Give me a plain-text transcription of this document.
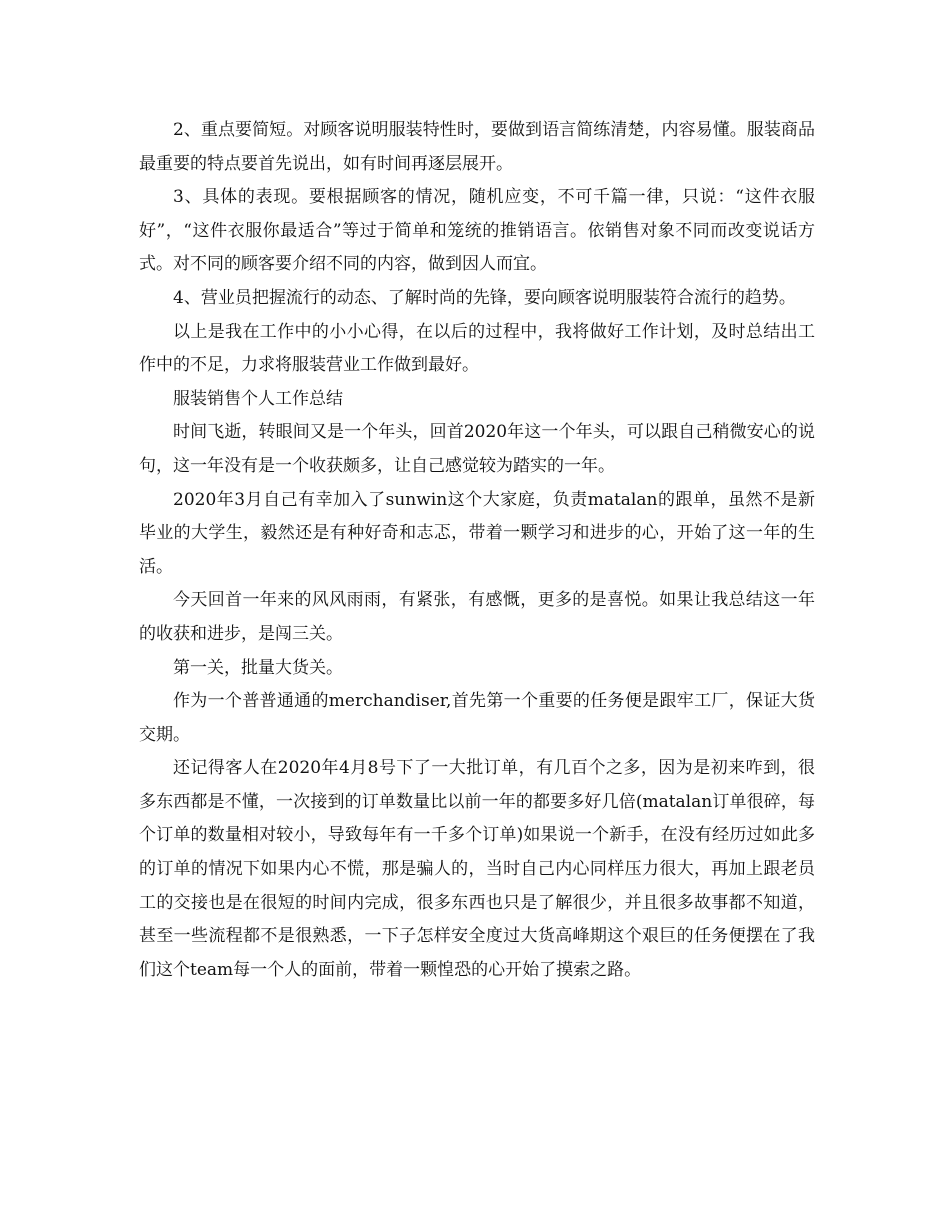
2、重点要简短。对顾客说明服装特性时，要做到语言简练清楚，内容易懂。服装商品最重要的特点要首先说出，如有时间再逐层展开。

3、具体的表现。要根据顾客的情况，随机应变，不可千篇一律，只说：“这件衣服好”，“这件衣服你最适合”等过于简单和笼统的推销语言。依销售对象不同而改变说话方式。对不同的顾客要介绍不同的内容，做到因人而宜。

4、营业员把握流行的动态、了解时尚的先锋，要向顾客说明服装符合流行的趋势。

以上是我在工作中的小小心得，在以后的过程中，我将做好工作计划，及时总结出工作中的不足，力求将服装营业工作做到最好。

服装销售个人工作总结

时间飞逝，转眼间又是一个年头，回首2020年这一个年头，可以跟自己稍微安心的说句，这一年没有是一个收获颇多，让自己感觉较为踏实的一年。

2020年3月自己有幸加入了sunwin这个大家庭，负责matalan的跟单，虽然不是新毕业的大学生，毅然还是有种好奇和志忑，带着一颗学习和进步的心，开始了这一年的生活。

今天回首一年来的风风雨雨，有紧张，有感慨，更多的是喜悦。如果让我总结这一年的收获和进步，是闯三关。

第一关，批量大货关。

作为一个普普通通的merchandiser,首先第一个重要的任务便是跟牢工厂，保证大货交期。

还记得客人在2020年4月8号下了一大批订单，有几百个之多，因为是初来咋到，很多东西都是不懂，一次接到的订单数量比以前一年的都要多好几倍(matalan订单很碎，每个订单的数量相对较小，导致每年有一千多个订单)如果说一个新手，在没有经历过如此多的订单的情况下如果内心不慌，那是骗人的，当时自己内心同样压力很大，再加上跟老员工的交接也是在很短的时间内完成，很多东西也只是了解很少，并且很多故事都不知道，甚至一些流程都不是很熟悉，一下子怎样安全度过大货高峰期这个艰巨的任务便摆在了我们这个team每一个人的面前，带着一颗惶恐的心开始了摸索之路。
